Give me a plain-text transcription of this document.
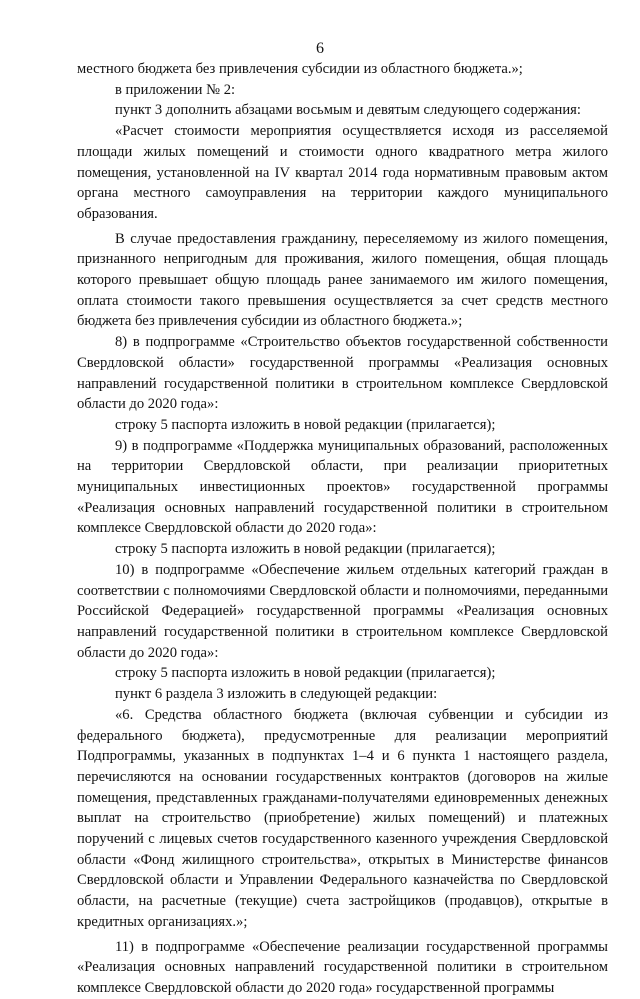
6

местного бюджета без привлечения субсидии из областного бюджета.»;

в приложении № 2:

пункт 3 дополнить абзацами восьмым и девятым следующего содержания:

«Расчет стоимости мероприятия осуществляется исходя из расселяемой площади жилых помещений и стоимости одного квадратного метра жилого помещения, установленной на IV квартал 2014 года нормативным правовым актом органа местного самоуправления на территории каждого муниципального образования.

В случае предоставления гражданину, переселяемому из жилого помещения, признанного непригодным для проживания, жилого помещения, общая площадь которого превышает общую площадь ранее занимаемого им жилого помещения, оплата стоимости такого превышения осуществляется за счет средств местного бюджета без привлечения субсидии из областного бюджета.»;

8) в подпрограмме «Строительство объектов государственной собственности Свердловской области» государственной программы «Реализация основных направлений государственной политики в строительном комплексе Свердловской области до 2020 года»:

строку 5 паспорта изложить в новой редакции (прилагается);

9) в подпрограмме «Поддержка муниципальных образований, расположенных на территории Свердловской области, при реализации приоритетных муниципальных инвестиционных проектов» государственной программы «Реализация основных направлений государственной политики в строительном комплексе Свердловской области до 2020 года»:

строку 5 паспорта изложить в новой редакции (прилагается);

10) в подпрограмме «Обеспечение жильем отдельных категорий граждан в соответствии с полномочиями Свердловской области и полномочиями, переданными Российской Федерацией» государственной программы «Реализация основных направлений государственной политики в строительном комплексе Свердловской области до 2020 года»:

строку 5 паспорта изложить в новой редакции (прилагается);

пункт 6 раздела 3 изложить в следующей редакции:

«6. Средства областного бюджета (включая субвенции и субсидии из федерального бюджета), предусмотренные для реализации мероприятий Подпрограммы, указанных в подпунктах 1–4 и 6 пункта 1 настоящего раздела, перечисляются на основании государственных контрактов (договоров на жилые помещения, представленных гражданами-получателями единовременных денежных выплат на строительство (приобретение) жилых помещений) и платежных поручений с лицевых счетов государственного казенного учреждения Свердловской области «Фонд жилищного строительства», открытых в Министерстве финансов Свердловской области и Управлении Федерального казначейства по Свердловской области, на расчетные (текущие) счета застройщиков (продавцов), открытые в кредитных организациях.»;

11) в подпрограмме «Обеспечение реализации государственной программы «Реализация основных направлений государственной политики в строительном комплексе Свердловской области до 2020 года» государственной программы
